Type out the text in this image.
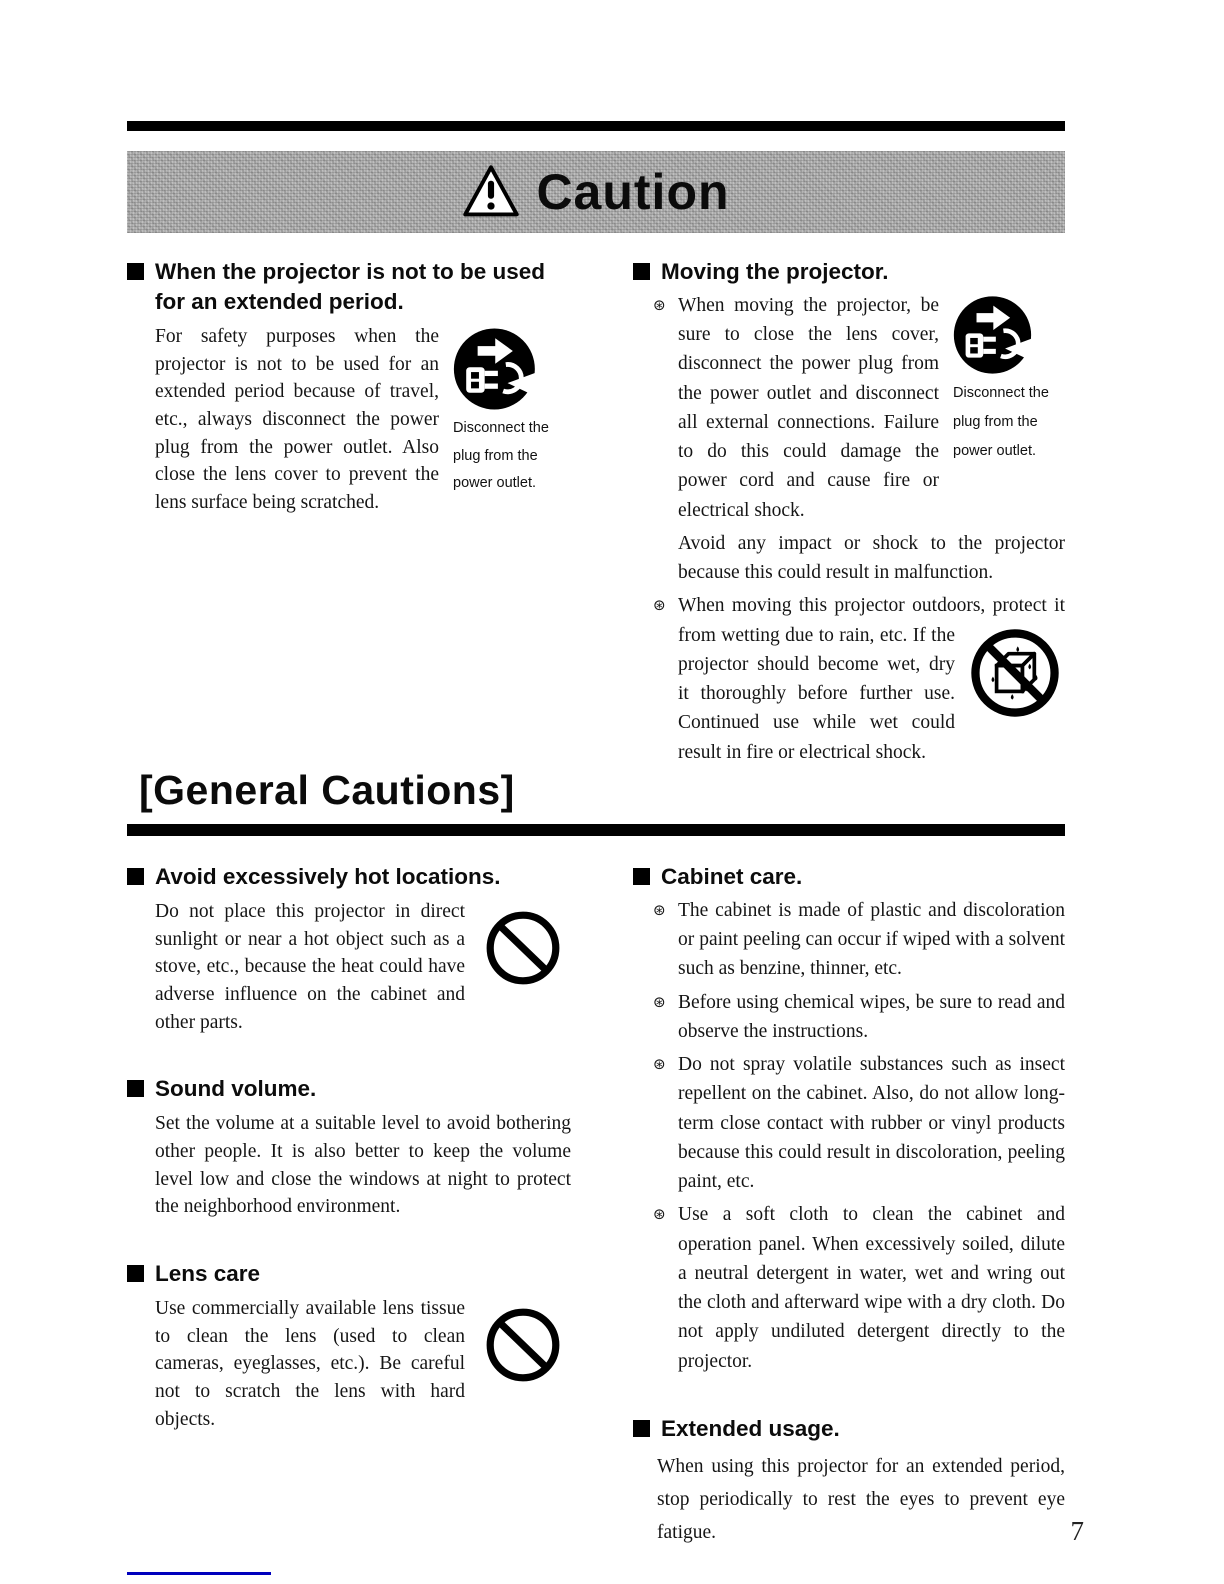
Caution
When the projector is not to be used for an extended period.
Disconnect the plug from the power outlet.
For safety purposes when the projector is not to be used for an extended period because of travel, etc., always disconnect the power plug from the power outlet. Also close the lens cover to prevent the lens surface being scratched.
Moving the projector.
⊛
Disconnect the plug from the power outlet.
When moving the projector, be sure to close the lens cover, disconnect the power plug from the power outlet and disconnect all external connections. Failure to do this could damage the power cord and cause fire or electrical shock.
Avoid any impact or shock to the projector because this could result in malfunction.
⊛ When moving this projector outdoors, protect it from wetting due to rain, etc. If the
projector should become wet, dry it thoroughly before further use. Continued use while wet could result in fire or electrical shock.
[General Cautions]
Avoid excessively hot locations.
Do not place this projector in direct sunlight or near a hot object such as a stove, etc., because the heat could have adverse influence on the cabinet and other parts.
Sound volume.
Set the volume at a suitable level to avoid bothering other people. It is also better to keep the volume level low and close the windows at night to protect the neighborhood environment.
Lens care
Use commercially available lens tissue to clean the lens (used to clean cameras, eyeglasses, etc.). Be careful not to scratch the lens with hard objects.
Cabinet care.
⊛ The cabinet is made of plastic and discoloration or paint peeling can occur if wiped with a solvent such as benzine, thinner, etc.
⊛ Before using chemical wipes, be sure to read and observe the instructions.
⊛ Do not spray volatile substances such as insect repellent on the cabinet. Also, do not allow long-term close contact with rubber or vinyl products because this could result in discoloration, peeling paint, etc.
⊛ Use a soft cloth to clean the cabinet and operation panel. When excessively soiled, dilute a neutral detergent in water, wet and wring out the cloth and afterward wipe with a dry cloth. Do not apply undiluted detergent directly to the projector.
Extended usage.
When using this projector for an extended period, stop periodically to rest the eyes to prevent eye fatigue.	7
